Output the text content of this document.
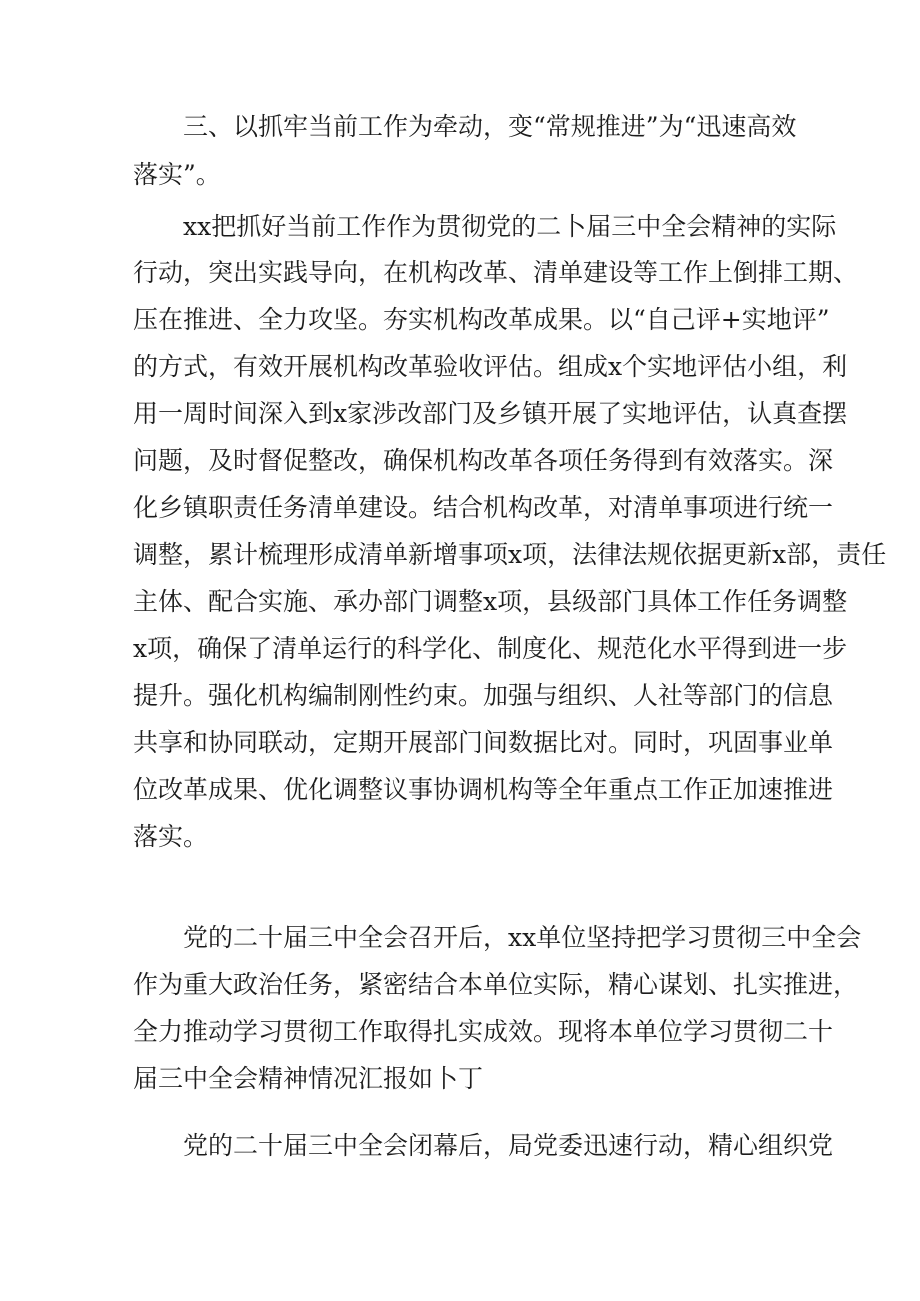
三、以抓牢当前工作为牵动，变“常规推进”为“迅速高效
落实”。
xx把抓好当前工作作为贯彻党的二卜届三中全会精神的实际
行动，突出实践导向，在机构改革、清单建设等工作上倒排工期、
压在推进、全力攻坚。夯实机构改革成果。以“自己评+实地评”
的方式，有效开展机构改革验收评估。组成x个实地评估小组，利
用一周时间深入到x家涉改部门及乡镇开展了实地评估，认真查摆
问题，及时督促整改，确保机构改革各项任务得到有效落实。深
化乡镇职责任务清单建设。结合机构改革，对清单事项进行统一
调整，累计梳理形成清单新增事项x项，法律法规依据更新x部，责任
主体、配合实施、承办部门调整x项，县级部门具体工作任务调整
x项，确保了清单运行的科学化、制度化、规范化水平得到进一步
提升。强化机构编制刚性约束。加强与组织、人社等部门的信息
共享和协同联动，定期开展部门间数据比对。同时，巩固事业单
位改革成果、优化调整议事协调机构等全年重点工作正加速推进
落实。
党的二十届三中全会召开后，xx单位坚持把学习贯彻三中全会
作为重大政治任务，紧密结合本单位实际，精心谋划、扎实推进，
全力推动学习贯彻工作取得扎实成效。现将本单位学习贯彻二十
届三中全会精神情况汇报如卜丁
党的二十届三中全会闭幕后，局党委迅速行动，精心组织党
